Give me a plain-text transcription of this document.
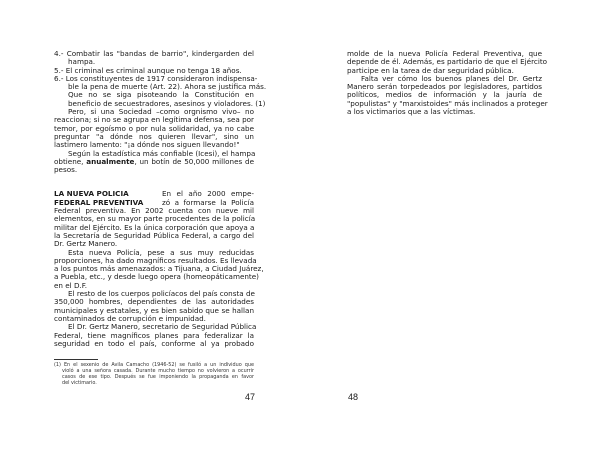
4.- Combatir las "bandas de barrio", kindergarden del
hampa.
5.- El criminal es criminal aunque no tenga 18 años.
6.- Los constituyentes de 1917 consideraron indispensa-
ble la pena de muerte (Art. 22). Ahora se justifica más.
Que no se siga pisoteando la Constitución en
beneficio de secuestradores, asesinos y violadores. (1)
Pero, si una Sociedad –como orgnismo vivo– no
reacciona; si no se agrupa en legítima defensa, sea por
temor, por egoísmo o por nula solidaridad, ya no cabe
preguntar "a dónde nos quieren llevar", sino un
lastimero lamento: "¡a dónde nos siguen llevando!"
Según la estadística más confiable (Icesi), el hampa
obtiene, anualmente, un botín de 50,000 millones de
pesos.
LA NUEVA POLICIA	En el año 2000 empe-
FEDERAL PREVENTIVA	zó a formarse la Policía
Federal preventiva. En 2002 cuenta con nueve mil
elementos, en su mayor parte procedentes de la policía
militar del Ejército. Es la única corporación que apoya a
la Secretaría de Seguridad Pública Federal, a cargo del
Dr. Gertz Manero.
Esta nueva Policía, pese a sus muy reducidas
proporciones, ha dado magníficos resultados. Es llevada
a los puntos más amenazados: a Tijuana, a Ciudad Juárez,
a Puebla, etc., y desde luego opera (homeopáticamente)
en el D.F.
El resto de los cuerpos policíacos del país consta de
350,000 hombres, dependientes de las autoridades
municipales y estatales, y es bien sabido que se hallan
contaminados de corrupción e impunidad.
El Dr. Gertz Manero, secretario de Seguridad Pública
Federal, tiene magníficos planes para federalizar la
seguridad en todo el país, conforme al ya probado
(1) En el sexenio de Avila Camacho (1946-52) se fusiló a un individuo que
violó a una señora casada. Durante mucho tiempo no volvieron a ocurrir
casos de ese tipo. Después se fue imponiendo la propaganda en favor
del victimario.
47
molde de la nueva Policía Federal Preventiva, que
depende de él. Además, es partidario de que el Ejército
participe en la tarea de dar seguridad pública.
Falta ver cómo los buenos planes del Dr. Gertz
Manero serán torpedeados por legisladores, partidos
políticos, medios de información y la jauría de
"populistas" y "marxistoides" más inclinados a proteger
a los victimarios que a las víctimas.
48
